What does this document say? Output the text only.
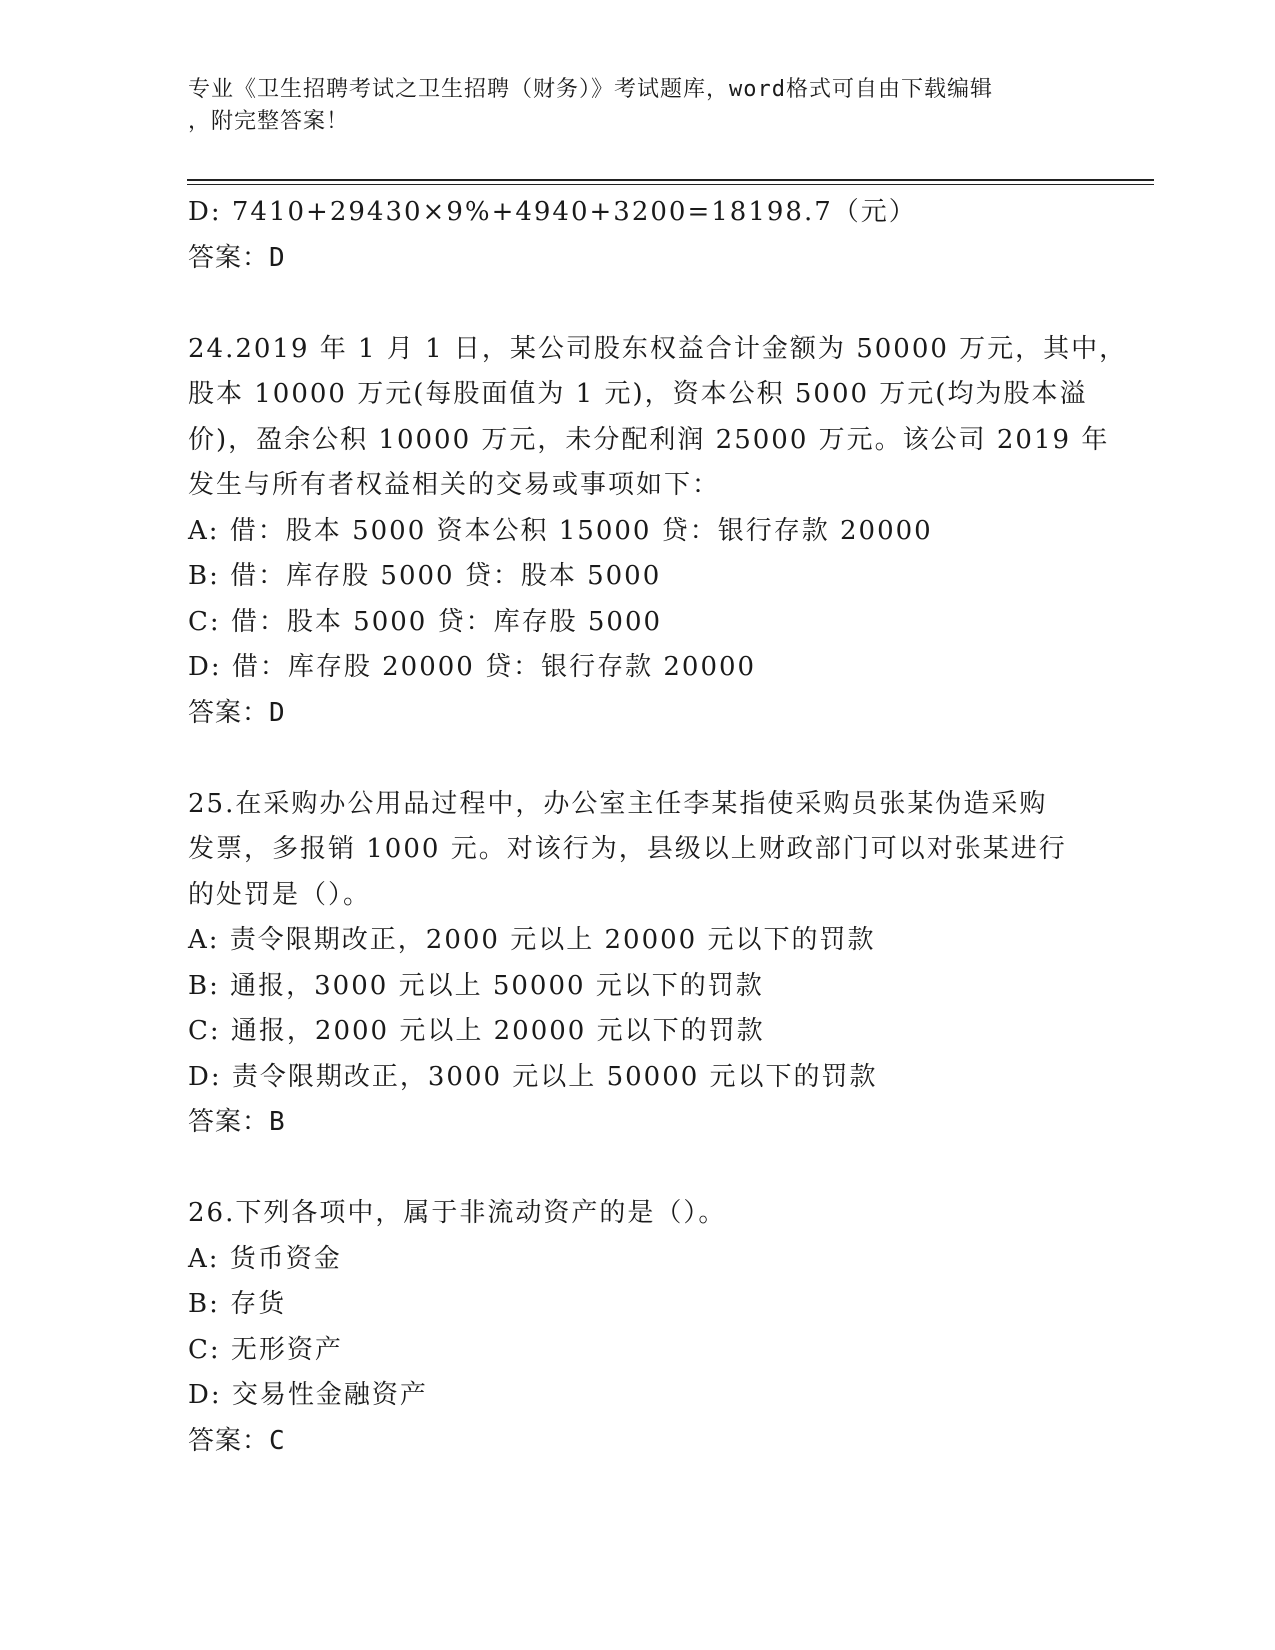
专业《卫生招聘考试之卫生招聘（财务）》考试题库，word格式可自由下载编辑
，附完整答案！
D: 7410+29430×9%+4940+3200=18198.7（元）
答案：D
24.2019 年 1 月 1 日，某公司股东权益合计金额为 50000 万元，其中，
股本 10000 万元(每股面值为 1 元)，资本公积 5000 万元(均为股本溢
价)，盈余公积 10000 万元，未分配利润 25000 万元。该公司 2019 年
发生与所有者权益相关的交易或事项如下：
A: 借：股本 5000 资本公积 15000 贷：银行存款 20000
B: 借：库存股 5000 贷：股本 5000
C: 借：股本 5000 贷：库存股 5000
D: 借：库存股 20000 贷：银行存款 20000
答案：D
25.在采购办公用品过程中，办公室主任李某指使采购员张某伪造采购
发票，多报销 1000 元。对该行为，县级以上财政部门可以对张某进行
的处罚是（）。
A: 责令限期改正，2000 元以上 20000 元以下的罚款
B: 通报，3000 元以上 50000 元以下的罚款
C: 通报，2000 元以上 20000 元以下的罚款
D: 责令限期改正，3000 元以上 50000 元以下的罚款
答案：B
26.下列各项中，属于非流动资产的是（）。
A: 货币资金
B: 存货
C: 无形资产
D: 交易性金融资产
答案：C
